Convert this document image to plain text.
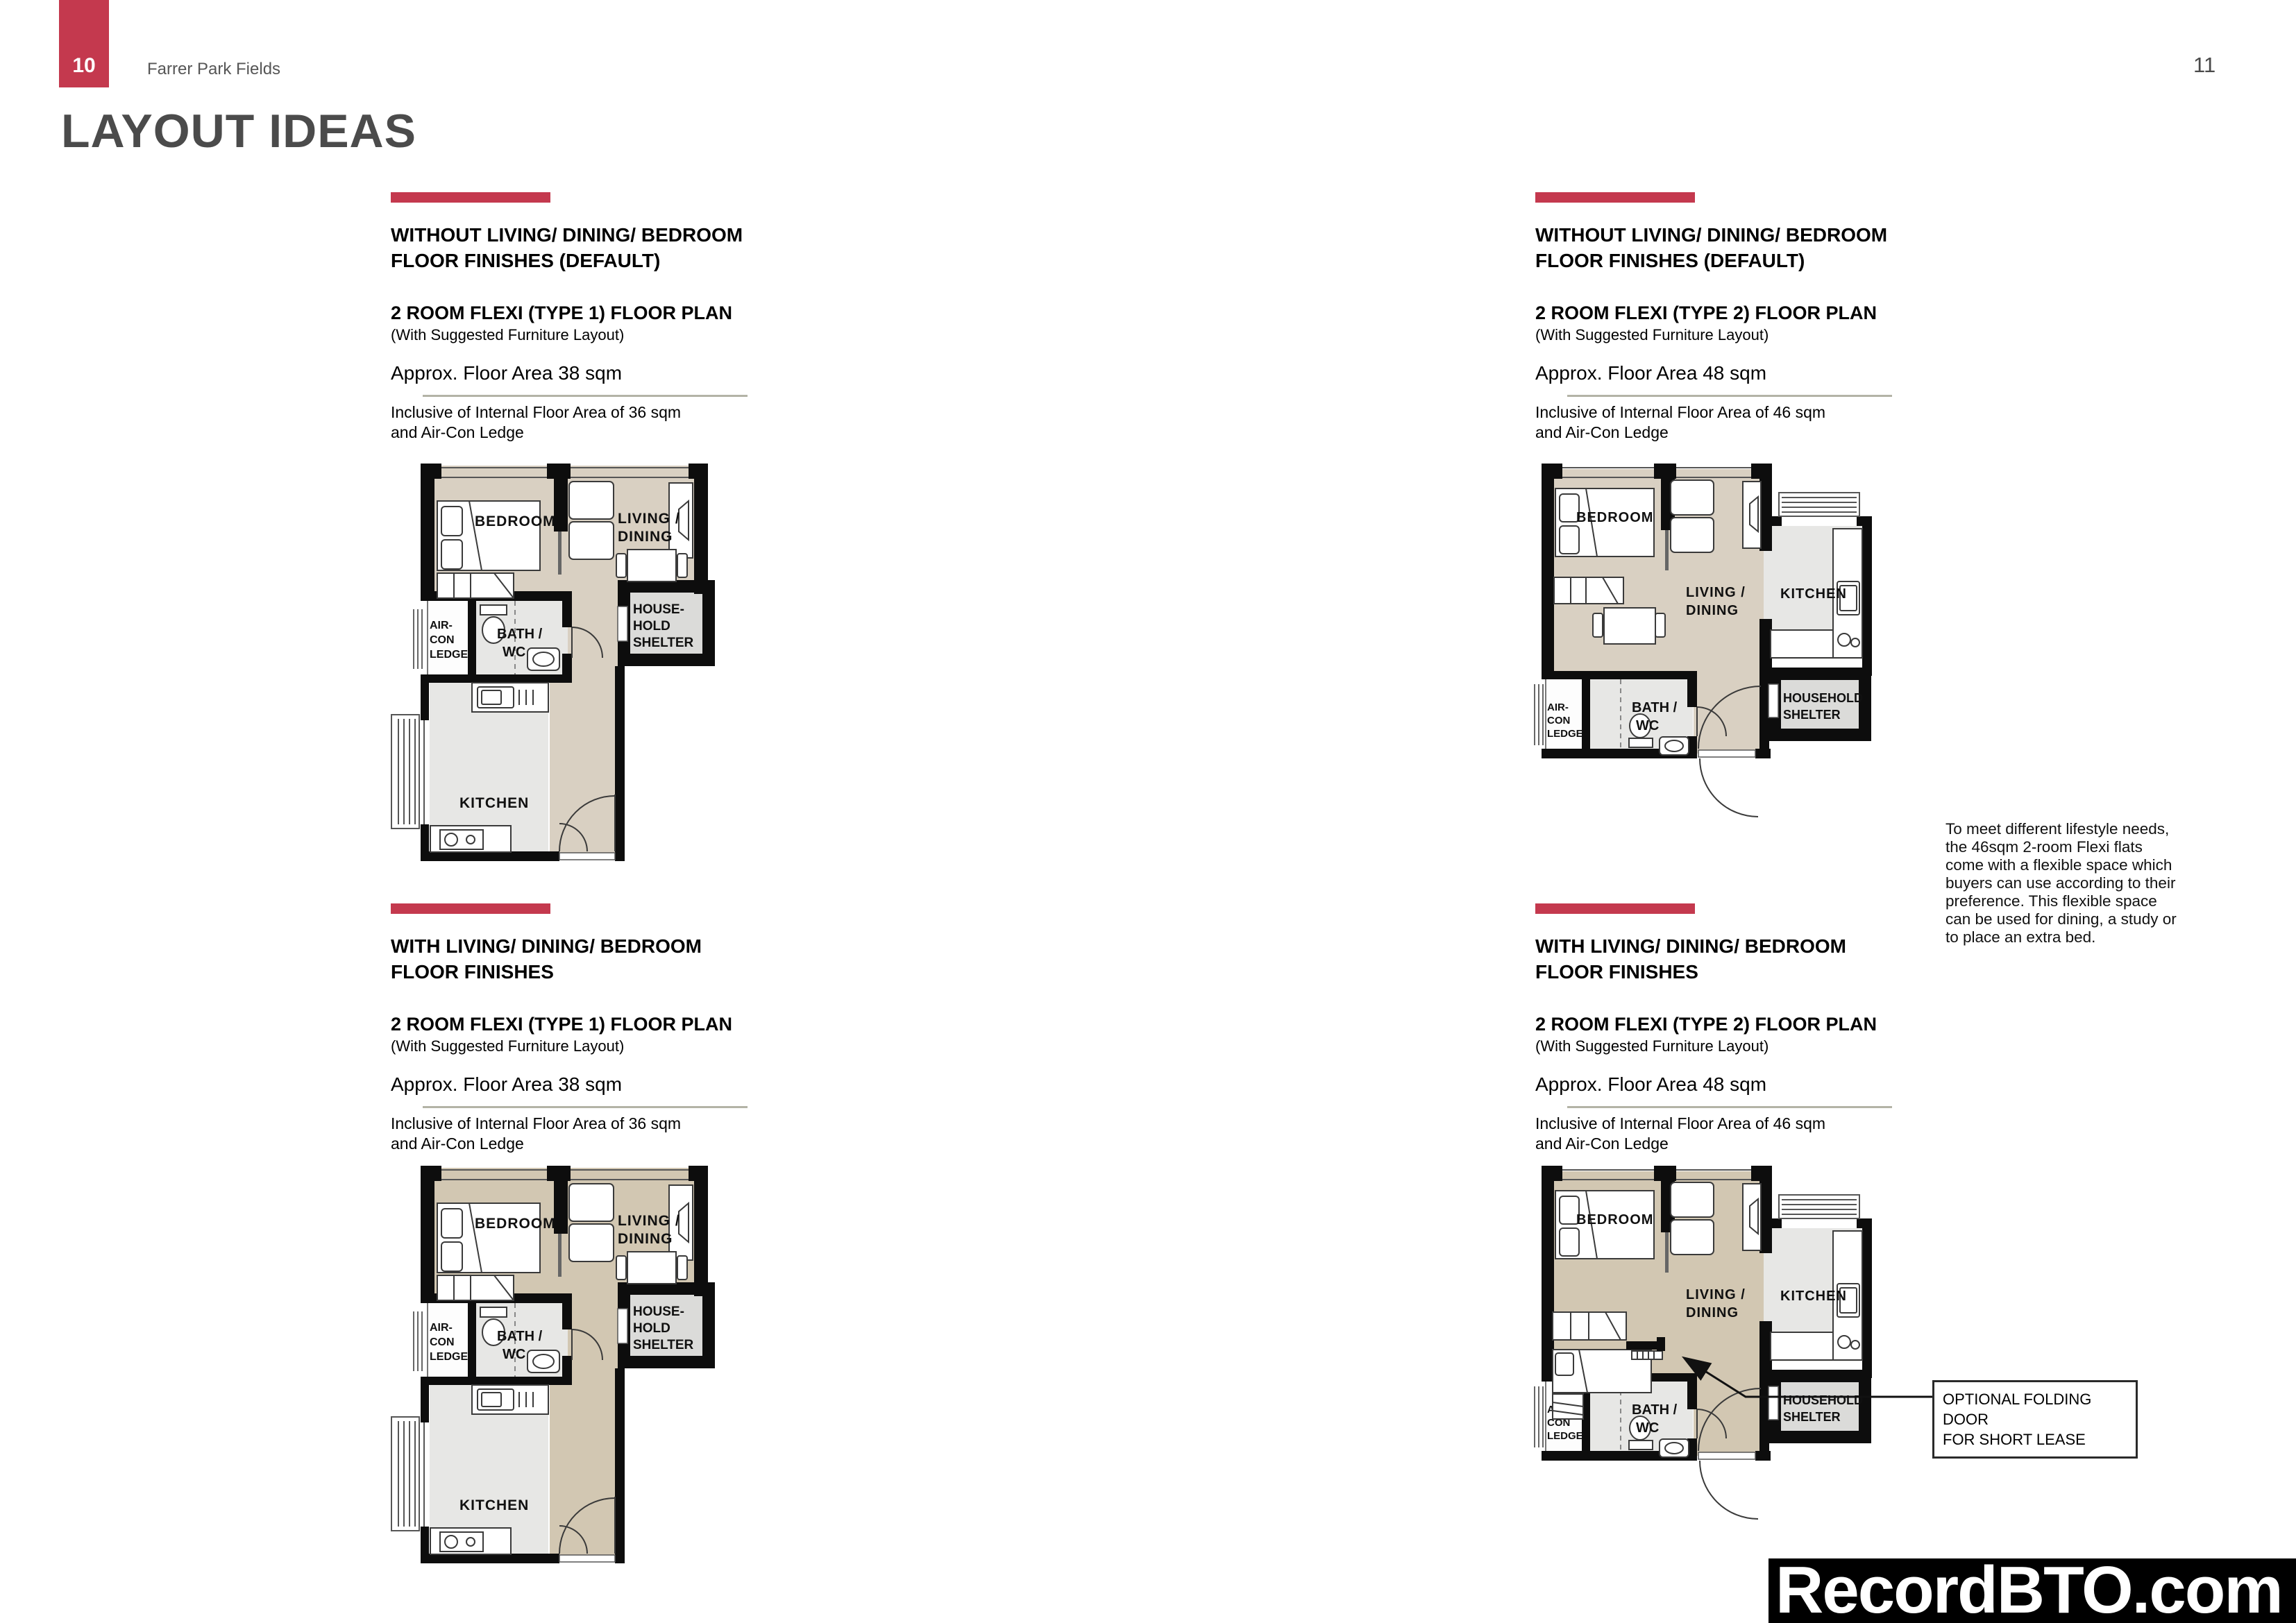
10	Farrer Park Fields	11
LAYOUT IDEAS
WITHOUT LIVING/ DINING/ BEDROOM
FLOOR FINISHES (DEFAULT)
2 ROOM FLEXI (TYPE 1) FLOOR PLAN
(With Suggested Furniture Layout)
Approx. Floor Area 38 sqm
Inclusive of Internal Floor Area of 36 sqm and Air-Con Ledge
WITHOUT LIVING/ DINING/ BEDROOM
FLOOR FINISHES (DEFAULT)
2 ROOM FLEXI (TYPE 2) FLOOR PLAN
(With Suggested Furniture Layout)
Approx. Floor Area 48 sqm
Inclusive of Internal Floor Area of 46 sqm and Air-Con Ledge
WITH LIVING/ DINING/ BEDROOM
FLOOR FINISHES
2 ROOM FLEXI (TYPE 1) FLOOR PLAN
(With Suggested Furniture Layout)
Approx. Floor Area 38 sqm
Inclusive of Internal Floor Area of 36 sqm and Air-Con Ledge
WITH LIVING/ DINING/ BEDROOM
FLOOR FINISHES
2 ROOM FLEXI (TYPE 2) FLOOR PLAN
(With Suggested Furniture Layout)
Approx. Floor Area 48 sqm
Inclusive of Internal Floor Area of 46 sqm and Air-Con Ledge
To meet different lifestyle needs, the 46sqm 2-room Flexi flats come with a flexible space which buyers can use according to their preference. This flexible space can be used for dining, a study or to place an extra bed.
OPTIONAL FOLDING DOOR
FOR SHORT LEASE
RecordBTO.com
